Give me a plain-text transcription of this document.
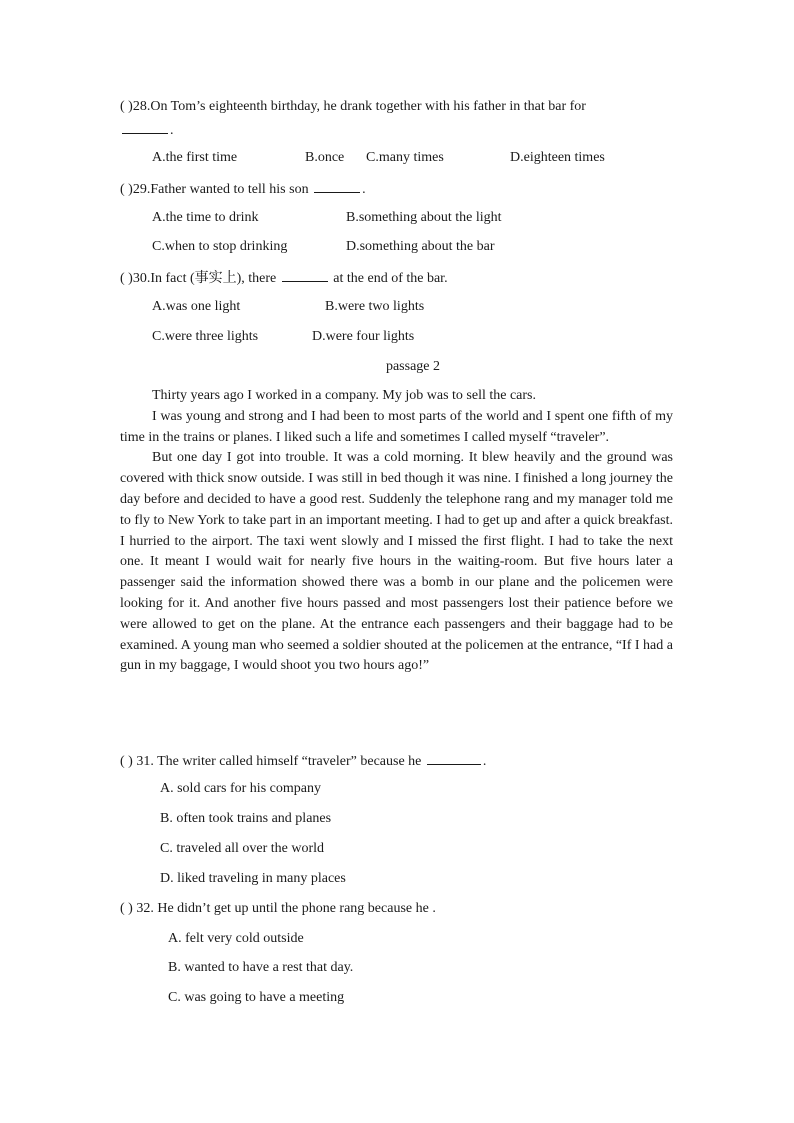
( )28.On Tom’s eighteenth birthday, he drank together with his father in that bar for
.
A.the first time	B.once C.many times	D.eighteen times
( )29.Father wanted to tell his son	.
A.the time to drink	B.something about the light
C.when to stop drinking	D.something about the bar
( )30.In fact (事实上), there	at the end of the bar.
A.was one light	B.were two lights
C.were three lights	D.were four lights
passage 2

Thirty years ago I worked in a company. My job was to sell the cars.

I was young and strong and I had been to most parts of the world and I spent one fifth of my time in the trains or planes. I liked such a life and sometimes I called myself “traveler”.

But one day I got into trouble. It was a cold morning. It blew heavily and the ground was covered with thick snow outside. I was still in bed though it was nine. I finished a long journey the day before and decided to have a good rest. Suddenly the telephone rang and my manager told me to fly to New York to take part in an important meeting. I had to get up and after a quick breakfast. I hurried to the airport. The taxi went slowly and I missed the first flight. I had to take the next one. It meant I would wait for nearly five hours in the waiting-room. But five hours later a passenger said the information showed there was a bomb in our plane and the policemen were looking for it. And another five hours passed and most passengers lost their patience before we were allowed to get on the plane. At the entrance each passengers and their baggage had to be examined. A young man who seemed a soldier shouted at the policemen at the entrance, “If I had a gun in my baggage, I would shoot you two hours ago!”

( ) 31. The writer called himself “traveler” because he	.
A. sold cars for his company
B. often took trains and planes
C. traveled all over the world
D. liked traveling in many places
( ) 32. He didn’t get up until the phone rang because he .
A. felt very cold outside
B. wanted to have a rest that day.
C. was going to have a meeting
